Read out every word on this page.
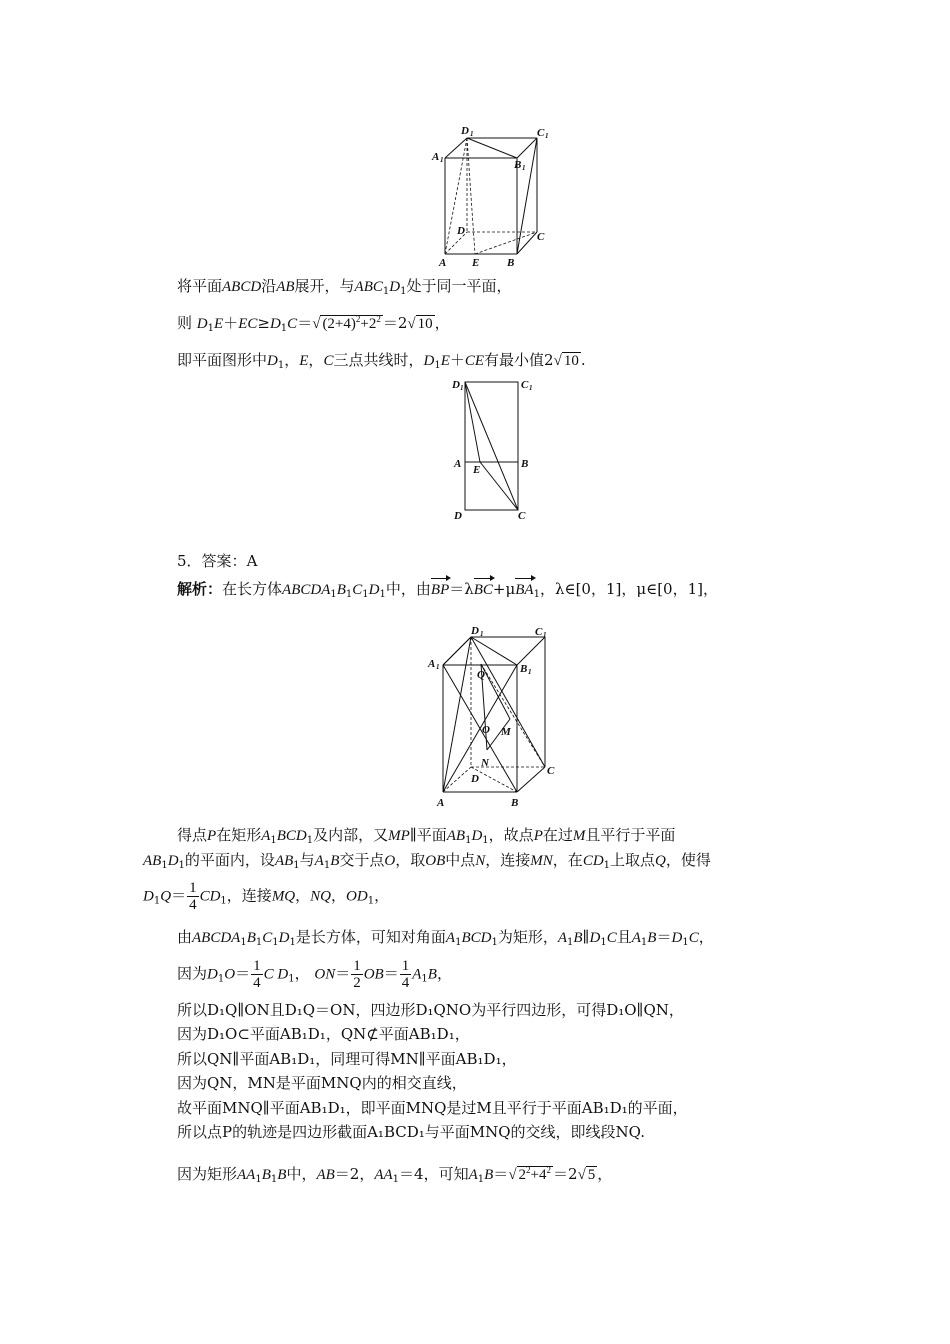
D 1	C 1
A 1	B 1
D	C
A E	B
将平面ABCD沿AB展开，与$ABC_1D_1$处于同一平面，
则 $D_1E+EC\ge D_1C=√$ $(2+4)^2+2^2 =2√$ 10 ，
即平面图形中$D_1$，E，C三点共线时，$D_1E+CE$有最小值2√ 10 .
D 1	C 1
A E	B
D	C
5．答案：A
解析：在长方体$ABCDA_1B_1C_1D_1$中，由BP＝λBC+μBA$_1$，λ∈[0，1]，μ∈[0，1]，
D 1	C 1
A 1	B 1
Q
O M
N
D
C
A	B
得点P在矩形$A_1BCD_1$及内部，又MP∥平面$AB_1D_1$，故点P在过M且平行于平面
$AB_1D_1$的平面内，设$AB_1$与$A_1B$交于点O，取OB中点N，连接MN，在$CD_1$上取点Q，使得
$D_1Q= \frac{1}{4} CD_1$，连接MQ，NQ，$OD_1$，
由$ABCDA_1B_1C_1D_1$是长方体，可知对角面$A_1BCD_1$为矩形，$A_1B\parallel D_1C$且$A_1B=D_1C$，
因为$D_1O= \frac{1}{4}$ C $D_1$， $ON= \frac{1}{2} OB= \frac{1}{4} A_1B$，
所以D₁Q∥ON且D₁Q＝ON，四边形D₁QNO为平行四边形，可得D₁O∥QN，
因为D₁O⊂平面AB₁D₁，QN⊄平面AB₁D₁，
所以QN∥平面AB₁D₁，同理可得MN∥平面AB₁D₁，
因为QN，MN是平面MNQ内的相交直线，
故平面MNQ∥平面AB₁D₁，即平面MNQ是过M且平行于平面AB₁D₁的平面，
所以点P的轨迹是四边形截面A₁BCD₁与平面MNQ的交线，即线段NQ.
因为矩形$AA_1B_1B$中，AB＝2，$AA_1=4$，可知$A_1B=√$ $2^2+4^2 =2√$ 5 ，
